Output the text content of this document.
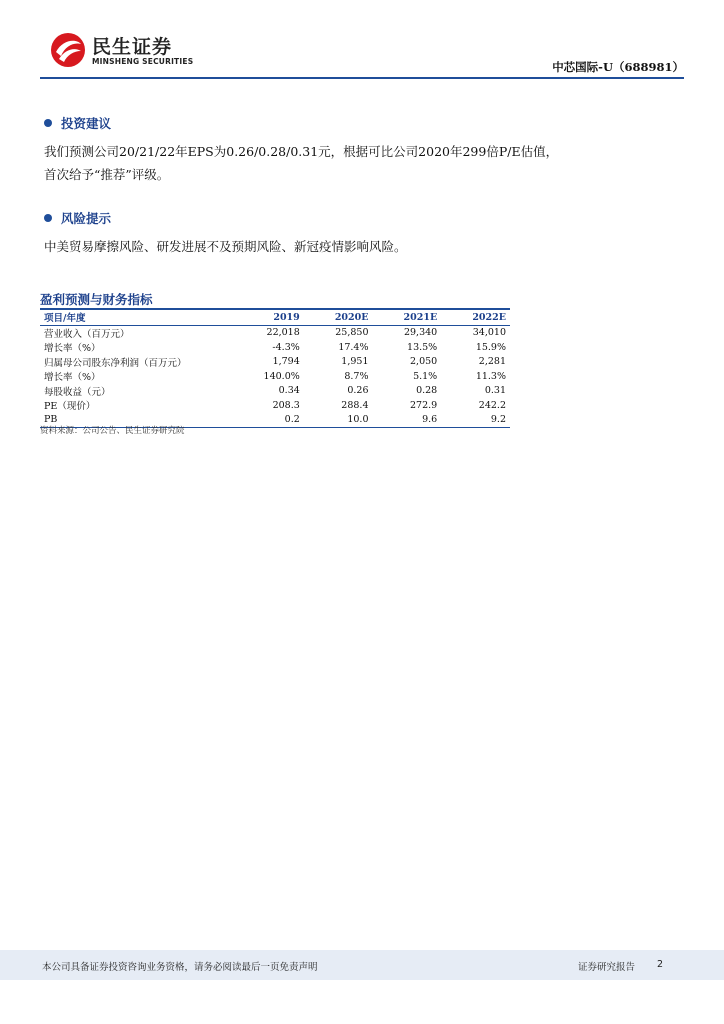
民生证券
MINSHENG SECURITIES	中芯国际-U（688981）
投资建议
我们预测公司20/21/22年EPS为0.26/0.28/0.31元，根据可比公司2020年299倍P/E估值，
首次给予“推荐”评级。
风险提示
中美贸易摩擦风险、研发进展不及预期风险、新冠疫情影响风险。
盈利预测与财务指标
项目/年度	2019	2020E	2021E	2022E
营业收入（百万元）	22,018	25,850	29,340	34,010
增长率（%）	-4.3%	17.4%	13.5%	15.9%
归属母公司股东净利润（百万元）	1,794	1,951	2,050	2,281
增长率（%）	140.0%	8.7%	5.1%	11.3%
每股收益（元）	0.34	0.26	0.28	0.31
PE（现价）	208.3	288.4	272.9	242.2
PB	0.2	10.0	9.6	9.2
资料来源：公司公告、民生证券研究院
本公司具备证券投资咨询业务资格，请务必阅读最后一页免责声明	证券研究报告 2
